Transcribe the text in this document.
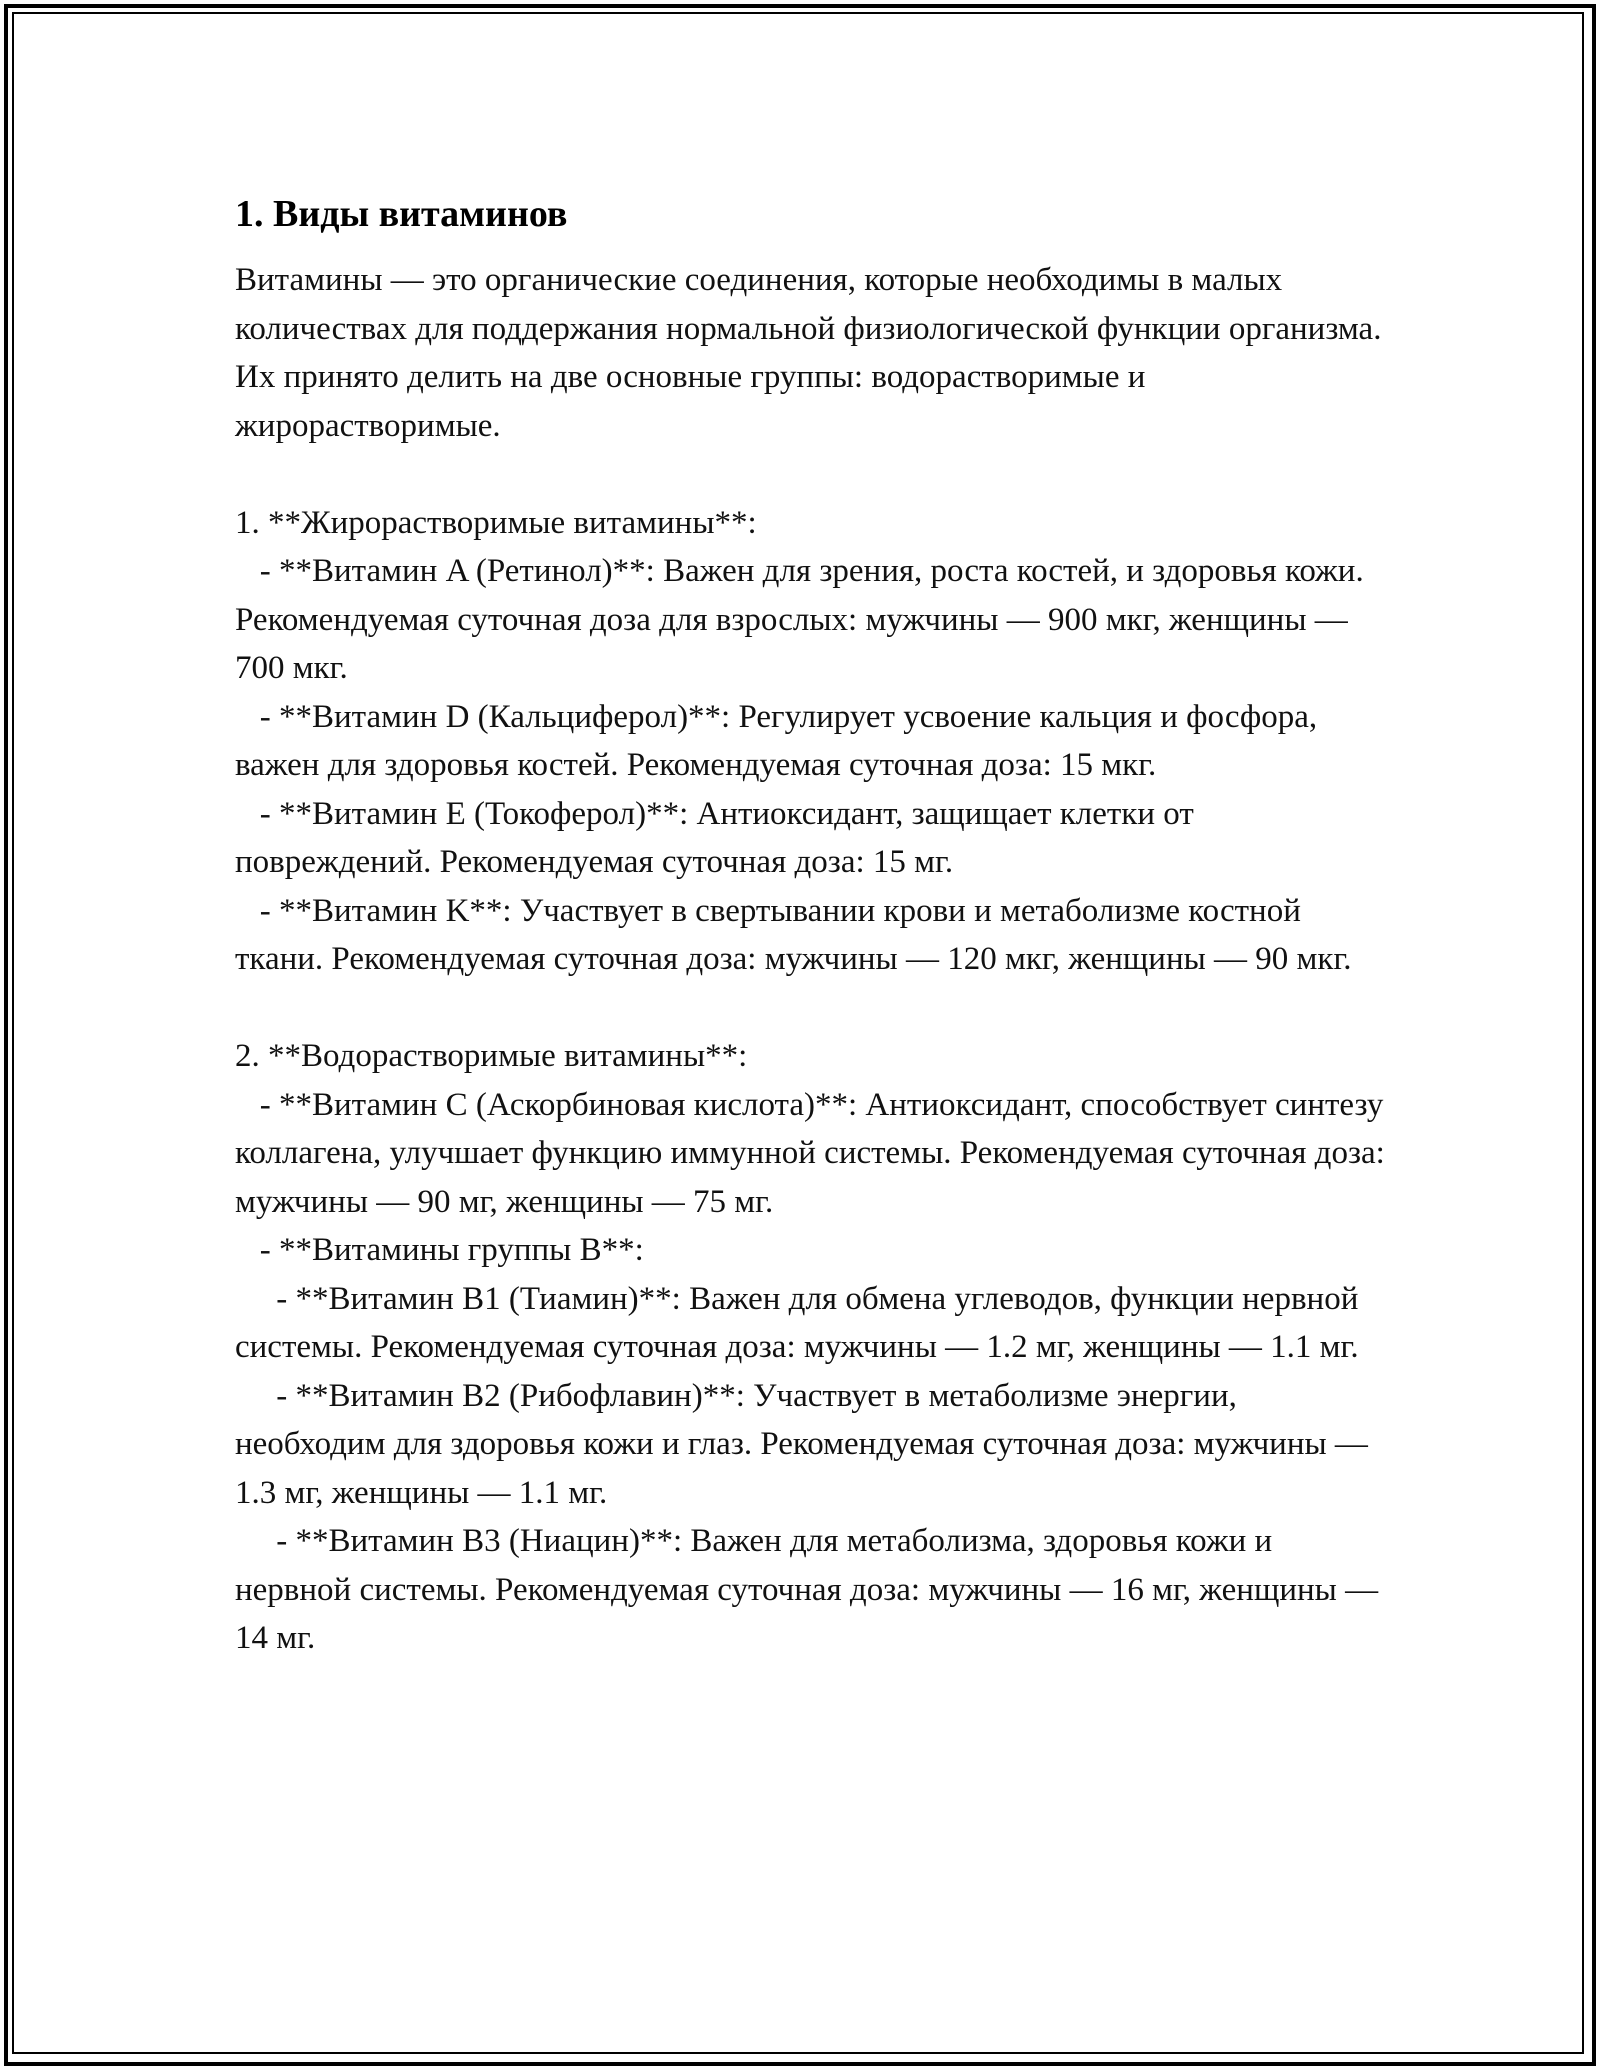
1. Виды витаминов

Витамины — это органические соединения, которые необходимы в малых количествах для поддержания нормальной физиологической функции организма. Их принято делить на две основные группы: водорастворимые и жирорастворимые.

1. **Жирорастворимые витамины**:

- **Витамин A (Ретинол)**: Важен для зрения, роста костей, и здоровья кожи. Рекомендуемая суточная доза для взрослых: мужчины — 900 мкг, женщины — 700 мкг.

- **Витамин D (Кальциферол)**: Регулирует усвоение кальция и фосфора, важен для здоровья костей. Рекомендуемая суточная доза: 15 мкг.

- **Витамин E (Токоферол)**: Антиоксидант, защищает клетки от повреждений. Рекомендуемая суточная доза: 15 мг.

- **Витамин K**: Участвует в свертывании крови и метаболизме костной ткани. Рекомендуемая суточная доза: мужчины — 120 мкг, женщины — 90 мкг.

2. **Водорастворимые витамины**:

- **Витамин C (Аскорбиновая кислота)**: Антиоксидант, способствует синтезу коллагена, улучшает функцию иммунной системы. Рекомендуемая суточная доза: мужчины — 90 мг, женщины — 75 мг.

- **Витамины группы B**:

- **Витамин B1 (Тиамин)**: Важен для обмена углеводов, функции нервной системы. Рекомендуемая суточная доза: мужчины — 1.2 мг, женщины — 1.1 мг.

- **Витамин B2 (Рибофлавин)**: Участвует в метаболизме энергии, необходим для здоровья кожи и глаз. Рекомендуемая суточная доза: мужчины — 1.3 мг, женщины — 1.1 мг.

- **Витамин B3 (Ниацин)**: Важен для метаболизма, здоровья кожи и нервной системы. Рекомендуемая суточная доза: мужчины — 16 мг, женщины — 14 мг.
